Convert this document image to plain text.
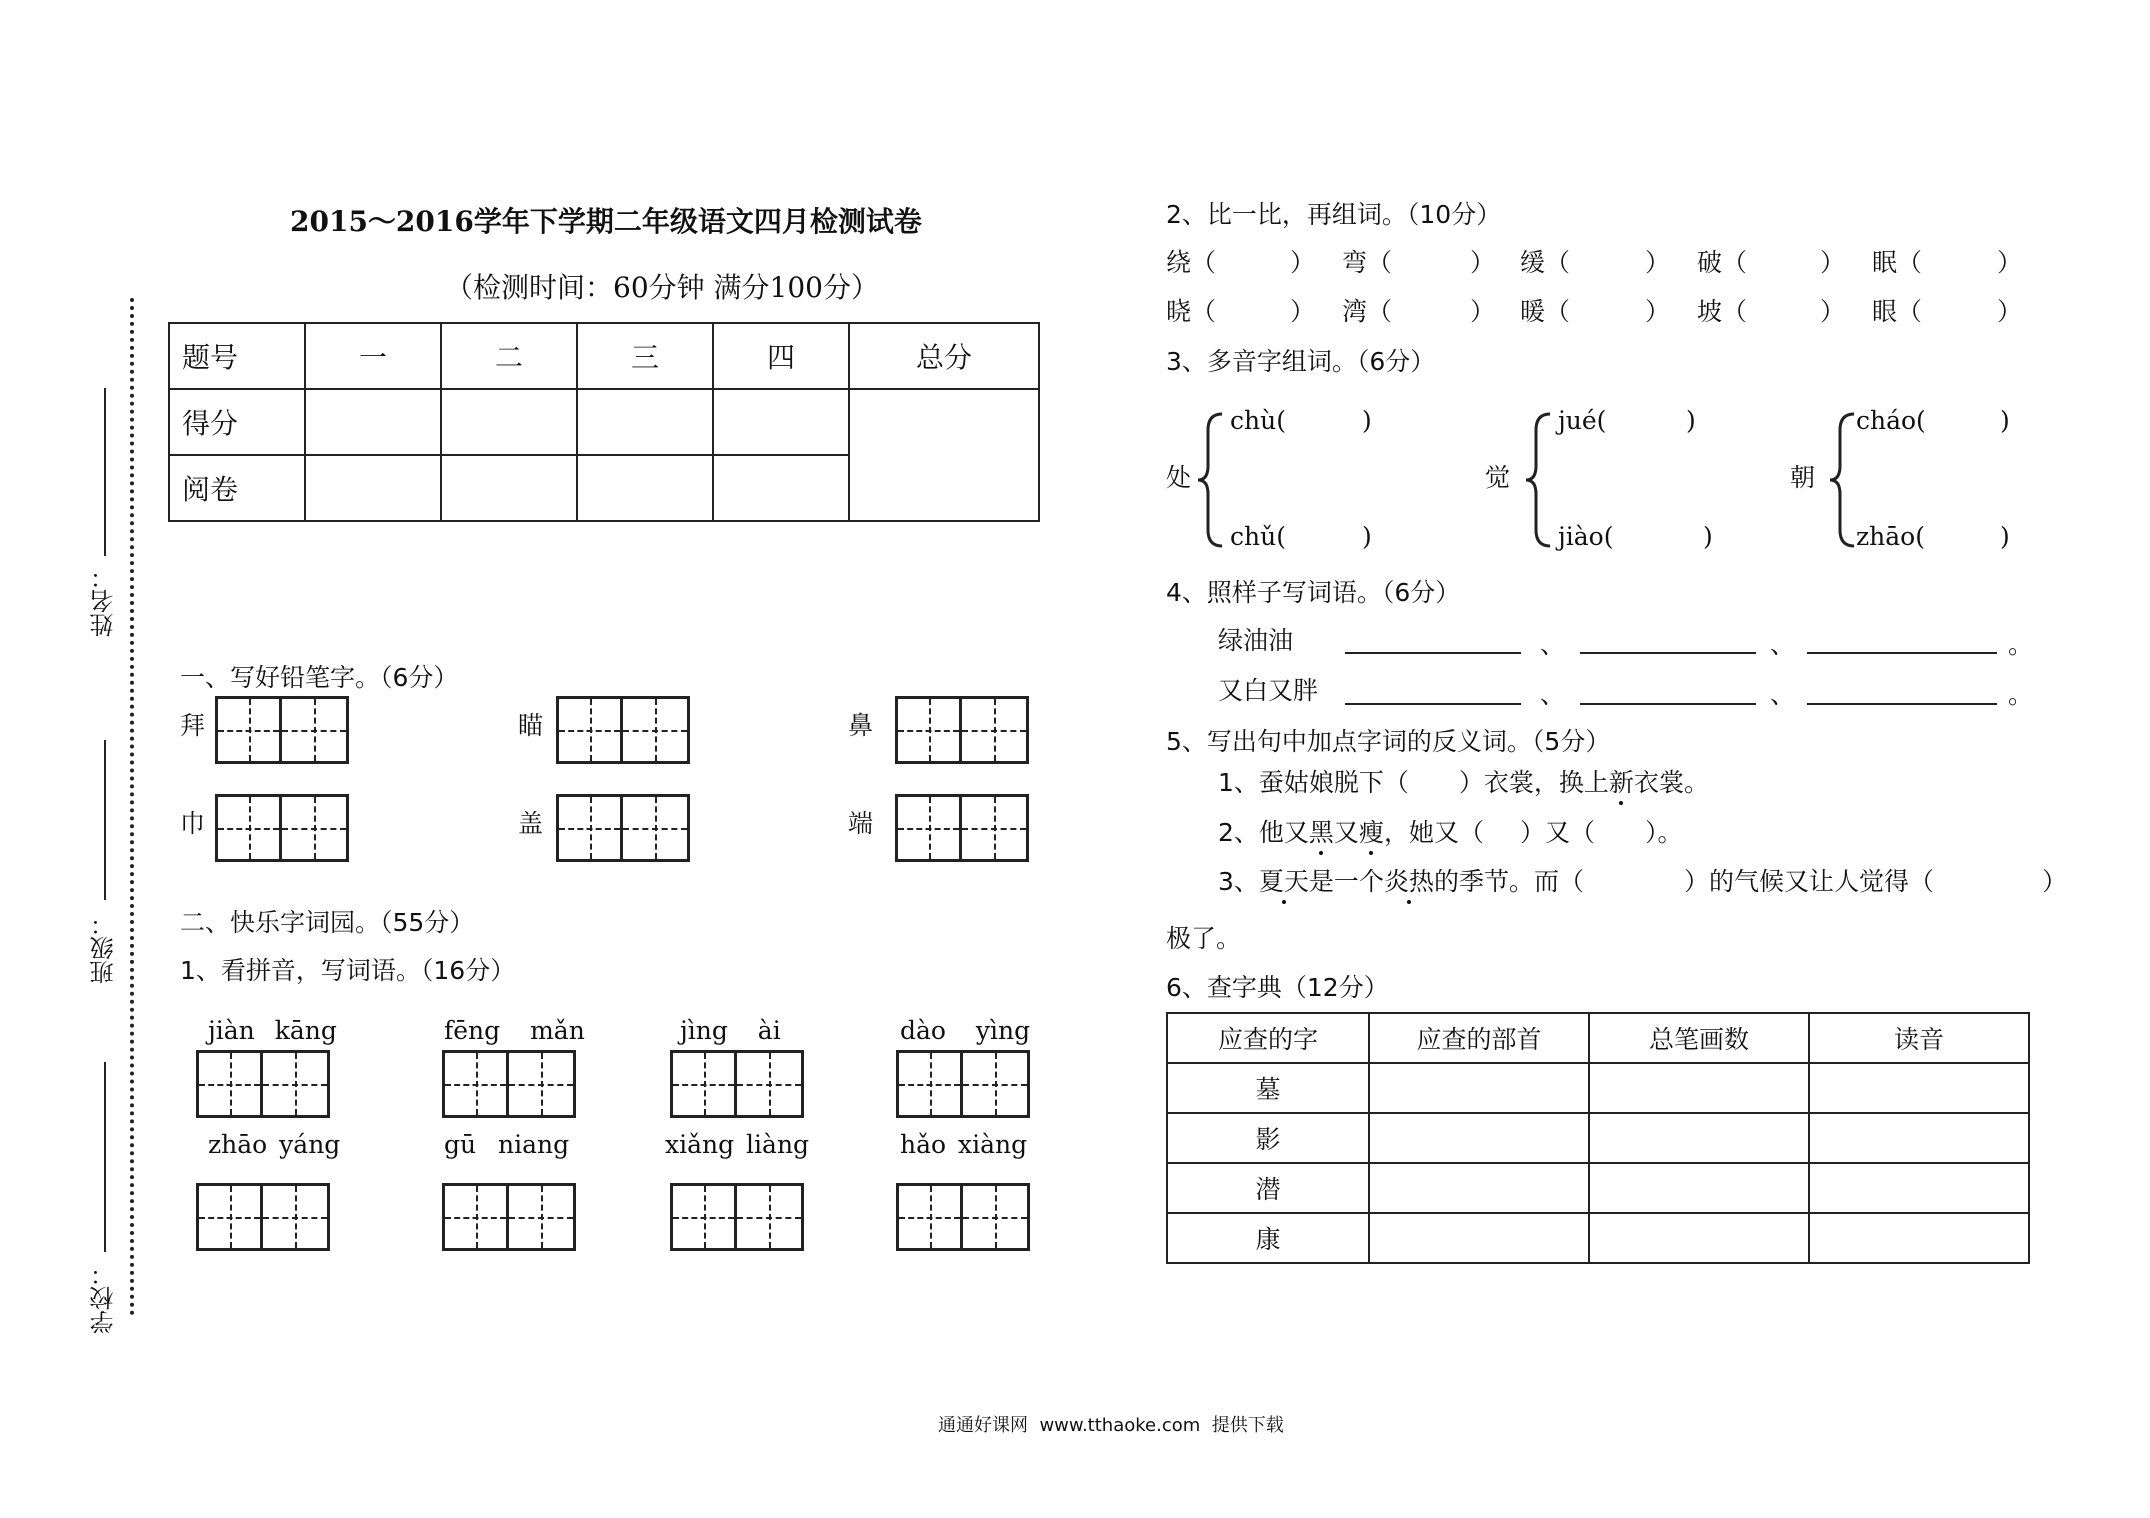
姓名：
班级：
学校：
2015～2016学年下学期二年级语文四月检测试卷
（检测时间：60分钟 满分100分）
题号	一	二	三	四	总分
得分					
阅卷					
一、写好铅笔字。（6分）
拜	瞄	鼻
巾	盖	端
二、快乐字词园。（55分）
1、看拼音，写词语。（16分）
jiàn kāng	fēng mǎn	jìng ài	dào yìng
zhāo yáng	gū niang	xiǎng liàng	hǎo xiàng
2、比一比，再组词。（10分）
绕（	） 弯（	） 缓（	） 破（	） 眠（	）
晓（	） 湾（	） 暖（	） 坡（	） 眼（	）
3、多音字组词。（6分）
处
chù(	)
chǔ(	)
觉
jué(	)
jiào(	)
朝
cháo(	)
zhāo(	)
4、照样子写词语。（6分）
绿油油	、	、	。
又白又胖	、	、	。
5、写出句中加点字词的反义词。（5分）
1、蚕姑娘脱下（ ）衣裳，换上新衣裳。
2、他又黑又瘦，她又（ ）又（ ）。
3、夏天是一个炎热的季节。而（	）的气候又让人觉得（	）
极了。
6、查字典（12分）
应查的字	应查的部首	总笔画数	读音
墓			
影			
潜			
康			
通通好课网  www.tthaoke.com  提供下载
